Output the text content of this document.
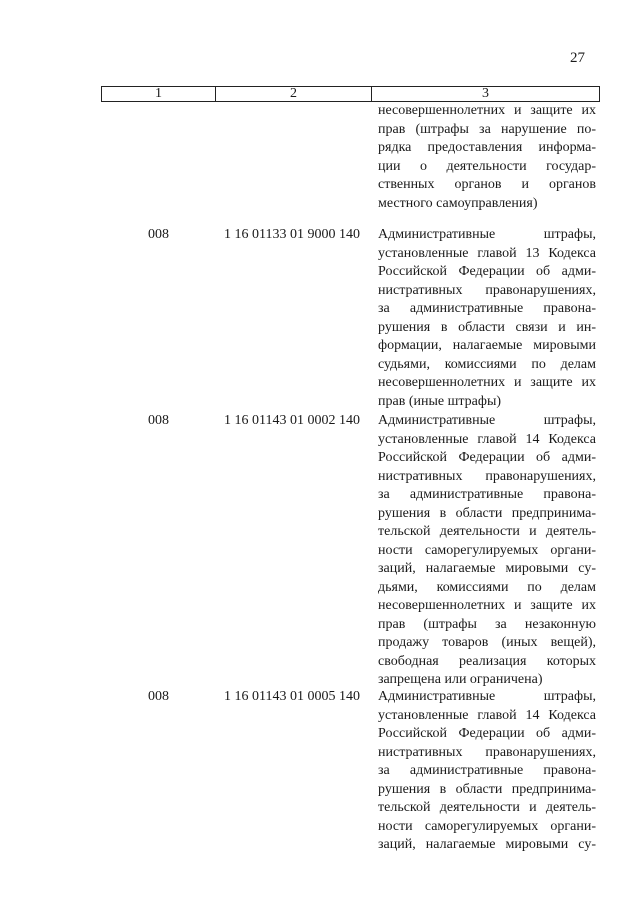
27
1	2	3
несовершеннолетних и защите их
прав (штрафы за нарушение по-
рядка предоставления информа-
ции о деятельности государ-
ственных органов и органов
местного самоуправления)
008	1 16 01133 01 9000 140 Административные штрафы,
установленные главой 13 Кодекса
Российской Федерации об адми-
нистративных правонарушениях,
за административные правона-
рушения в области связи и ин-
формации, налагаемые мировыми
судьями, комиссиями по делам
несовершеннолетних и защите их
прав (иные штрафы)
008	1 16 01143 01 0002 140 Административные штрафы,
установленные главой 14 Кодекса
Российской Федерации об адми-
нистративных правонарушениях,
за административные правона-
рушения в области предпринима-
тельской деятельности и деятель-
ности саморегулируемых органи-
заций, налагаемые мировыми су-
дьями, комиссиями по делам
несовершеннолетних и защите их
прав (штрафы за незаконную
продажу товаров (иных вещей),
свободная реализация которых
запрещена или ограничена)
008	1 16 01143 01 0005 140 Административные штрафы,
установленные главой 14 Кодекса
Российской Федерации об адми-
нистративных правонарушениях,
за административные правона-
рушения в области предпринима-
тельской деятельности и деятель-
ности саморегулируемых органи-
заций, налагаемые мировыми су-
